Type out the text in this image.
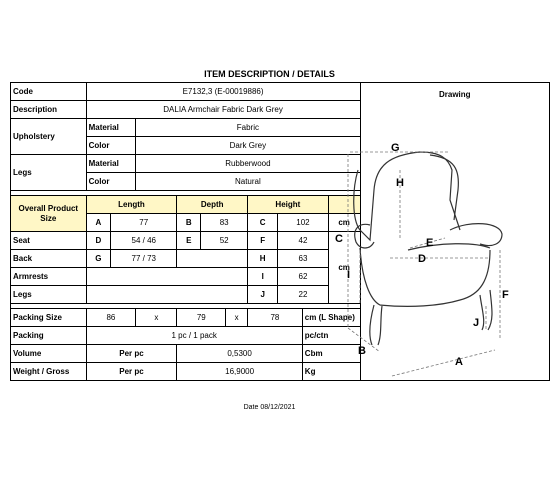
ITEM DESCRIPTION / DETAILS
Code	E7132,3 (E-00019886)										Drawing

Description	DALIA Armchair Fabric Dark Grey										
Upholstery	Material		Fabric								
	Color		Dark Grey								
Legs	Material		Rubberwood								
	Color		Natural								

Overall Product Size	Length			Depth			Height				
	A	77		B	83		C	102		cm	
Seat	D	54 / 46		E	52		F	42		cm	
Back	G	77 / 73					H	63			
Armrests							I	62			
Legs							J	22			

Packing Size	86		x	79		x	78		cm (L Shape)		
Packing	1 pc / 1 pack								pc/ctn		
Volume	Per pc			0,5300					Cbm		
Weight / Gross	Per pc			16,9000					Kg		
G
H
C	E
D
I
F
J
B
A
Date 08/12/2021
